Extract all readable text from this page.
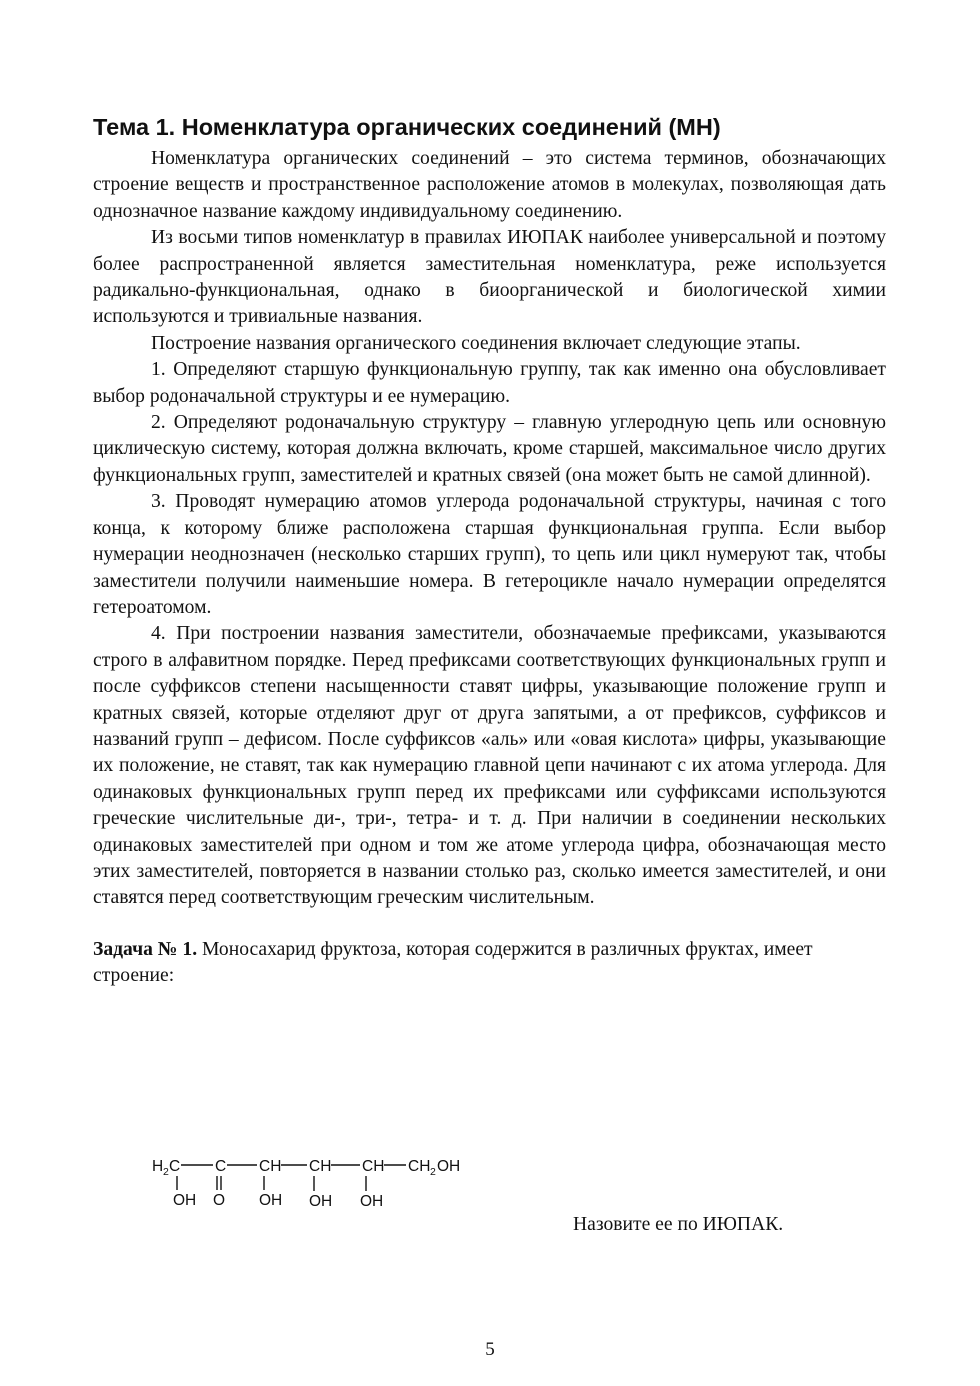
Тема 1. Номенклатура органических соединений (МН)

Номенклатура органических соединений – это система терминов, обозначающих строение веществ и пространственное расположение атомов в молекулах, позволяющая дать однозначное название каждому индивидуальному соединению.

Из восьми типов номенклатур в правилах ИЮПАК наиболее универсальной и поэтому более распространенной является заместительная номенклатура, реже используется радикально-функциональная, однако в биоорганической и биологической химии используются и тривиальные названия.

Построение названия органического соединения включает следующие этапы.

1. Определяют старшую функциональную группу, так как именно она обусловливает выбор родоначальной структуры и ее нумерацию.

2. Определяют родоначальную структуру – главную углеродную цепь или основную циклическую систему, которая должна включать, кроме старшей, максимальное число других функциональных групп, заместителей и кратных связей (она может быть не самой длинной).

3. Проводят нумерацию атомов углерода родоначальной структуры, начиная с того конца, к которому ближе расположена старшая функциональная группа. Если выбор нумерации неоднозначен (несколько старших групп), то цепь или цикл нумеруют так, чтобы заместители получили наименьшие номера. В гетероцикле начало нумерации определятся гетероатомом.

4. При построении названия заместители, обозначаемые префиксами, указываются строго в алфавитном порядке. Перед префиксами соответствующих функциональных групп и после суффиксов степени насыщенности ставят цифры, указывающие положение групп и кратных связей, которые отделяют друг от друга запятыми, а от префиксов, суффиксов и названий групп – дефисом. После суффиксов «аль» или «овая кислота» цифры, указывающие их положение, не ставят, так как нумерацию главной цепи начинают с их атома углерода. Для одинаковых функциональных групп перед их префиксами или суффиксами используются греческие числительные ди-, три-, тетра- и т. д. При наличии в соединении нескольких одинаковых заместителей при одном и том же атоме углерода цифра, обозначающая место этих заместителей, повторяется в названии столько раз, сколько имеется заместителей, и они ставятся перед соответствующим греческим числительным.

Задача № 1. Моносахарид фруктоза, которая содержится в различных фруктах, имеет строение:

H 2 C C CH CH CH CH 2 OH
OH O OH OH OH
Назовите ее по ИЮПАК.
5
